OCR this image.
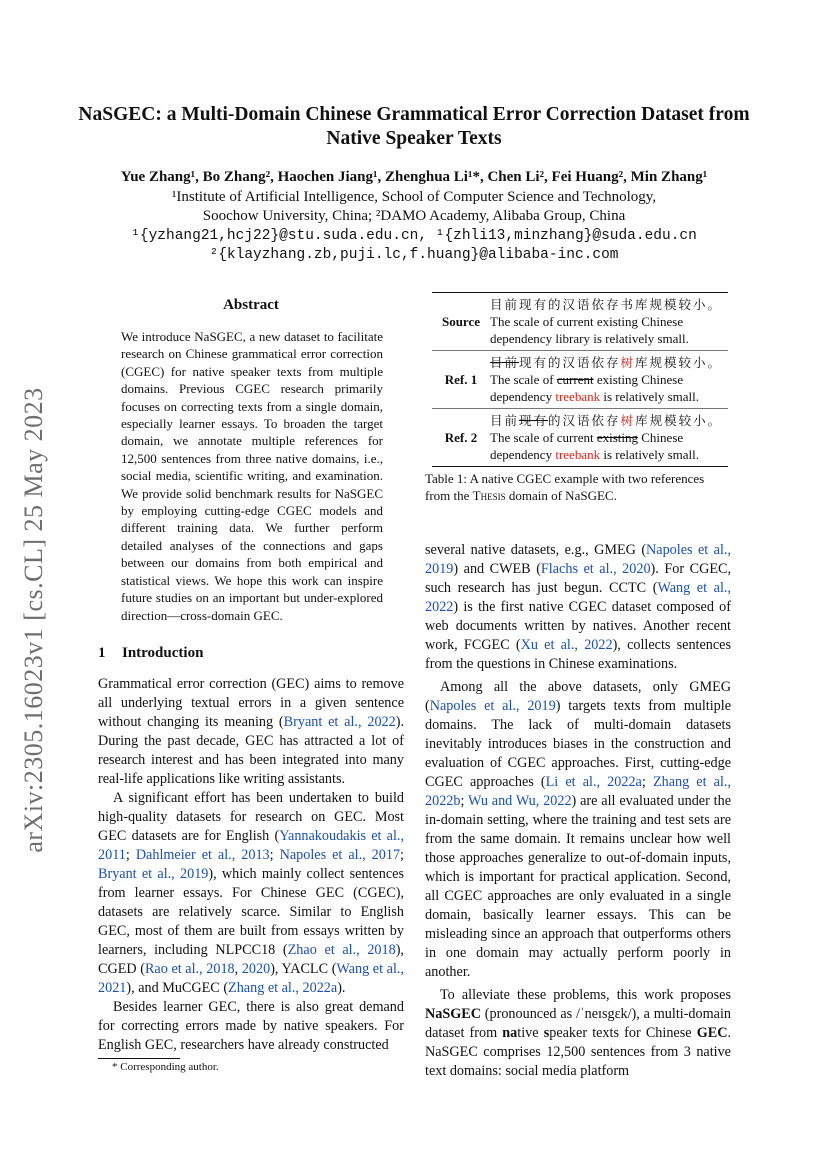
arXiv:2305.16023v1 [cs.CL] 25 May 2023
NaSGEC: a Multi-Domain Chinese Grammatical Error Correction Dataset from Native Speaker Texts
Yue Zhang¹, Bo Zhang², Haochen Jiang¹, Zhenghua Li¹*, Chen Li², Fei Huang², Min Zhang¹
¹Institute of Artificial Intelligence, School of Computer Science and Technology,
Soochow University, China; ²DAMO Academy, Alibaba Group, China
¹{yzhang21,hcj22}@stu.suda.edu.cn, ¹{zhli13,minzhang}@suda.edu.cn
²{klayzhang.zb,puji.lc,f.huang}@alibaba-inc.com
Abstract
We introduce NaSGEC, a new dataset to facilitate research on Chinese grammatical error correction (CGEC) for native speaker texts from multiple domains. Previous CGEC research primarily focuses on correcting texts from a single domain, especially learner essays. To broaden the target domain, we annotate multiple references for 12,500 sentences from three native domains, i.e., social media, scientific writing, and examination. We provide solid benchmark results for NaSGEC by employing cutting-edge CGEC models and different training data. We further perform detailed analyses of the connections and gaps between our domains from both empirical and statistical views. We hope this work can inspire future studies on an important but under-explored direction—cross-domain GEC.
1 Introduction

Grammatical error correction (GEC) aims to remove all underlying textual errors in a given sentence without changing its meaning (Bryant et al., 2022). During the past decade, GEC has attracted a lot of research interest and has been integrated into many real-life applications like writing assistants.

A significant effort has been undertaken to build high-quality datasets for research on GEC. Most GEC datasets are for English (Yannakoudakis et al., 2011; Dahlmeier et al., 2013; Napoles et al., 2017; Bryant et al., 2019), which mainly collect sentences from learner essays. For Chinese GEC (CGEC), datasets are relatively scarce. Similar to English GEC, most of them are built from essays written by learners, including NLPCC18 (Zhao et al., 2018), CGED (Rao et al., 2018, 2020), YACLC (Wang et al., 2021), and MuCGEC (Zhang et al., 2022a).

Besides learner GEC, there is also great demand for correcting errors made by native speakers. For English GEC, researchers have already constructed

* Corresponding author.
Source	目前现有的汉语依存书库规模较小。
The scale of current existing Chinese dependency library is relatively small.

Ref. 1	目前现有的汉语依存树库规模较小。
The scale of current existing Chinese dependency treebank is relatively small.

Ref. 2	目前现有的汉语依存树库规模较小。
The scale of current existing Chinese dependency treebank is relatively small.
Table 1: A native CGEC example with two references from the Thesis domain of NaSGEC.

several native datasets, e.g., GMEG (Napoles et al., 2019) and CWEB (Flachs et al., 2020). For CGEC, such research has just begun. CCTC (Wang et al., 2022) is the first native CGEC dataset composed of web documents written by natives. Another recent work, FCGEC (Xu et al., 2022), collects sentences from the questions in Chinese examinations.

Among all the above datasets, only GMEG (Napoles et al., 2019) targets texts from multiple domains. The lack of multi-domain datasets inevitably introduces biases in the construction and evaluation of CGEC approaches. First, cutting-edge CGEC approaches (Li et al., 2022a; Zhang et al., 2022b; Wu and Wu, 2022) are all evaluated under the in-domain setting, where the training and test sets are from the same domain. It remains unclear how well those approaches generalize to out-of-domain inputs, which is important for practical application. Second, all CGEC approaches are only evaluated in a single domain, basically learner essays. This can be misleading since an approach that outperforms others in one domain may actually perform poorly in another.

To alleviate these problems, this work proposes NaSGEC (pronounced as /ˈneɪsgɛk/), a multi-domain dataset from native speaker texts for Chinese GEC. NaSGEC comprises 12,500 sentences from 3 native text domains: social media platform
